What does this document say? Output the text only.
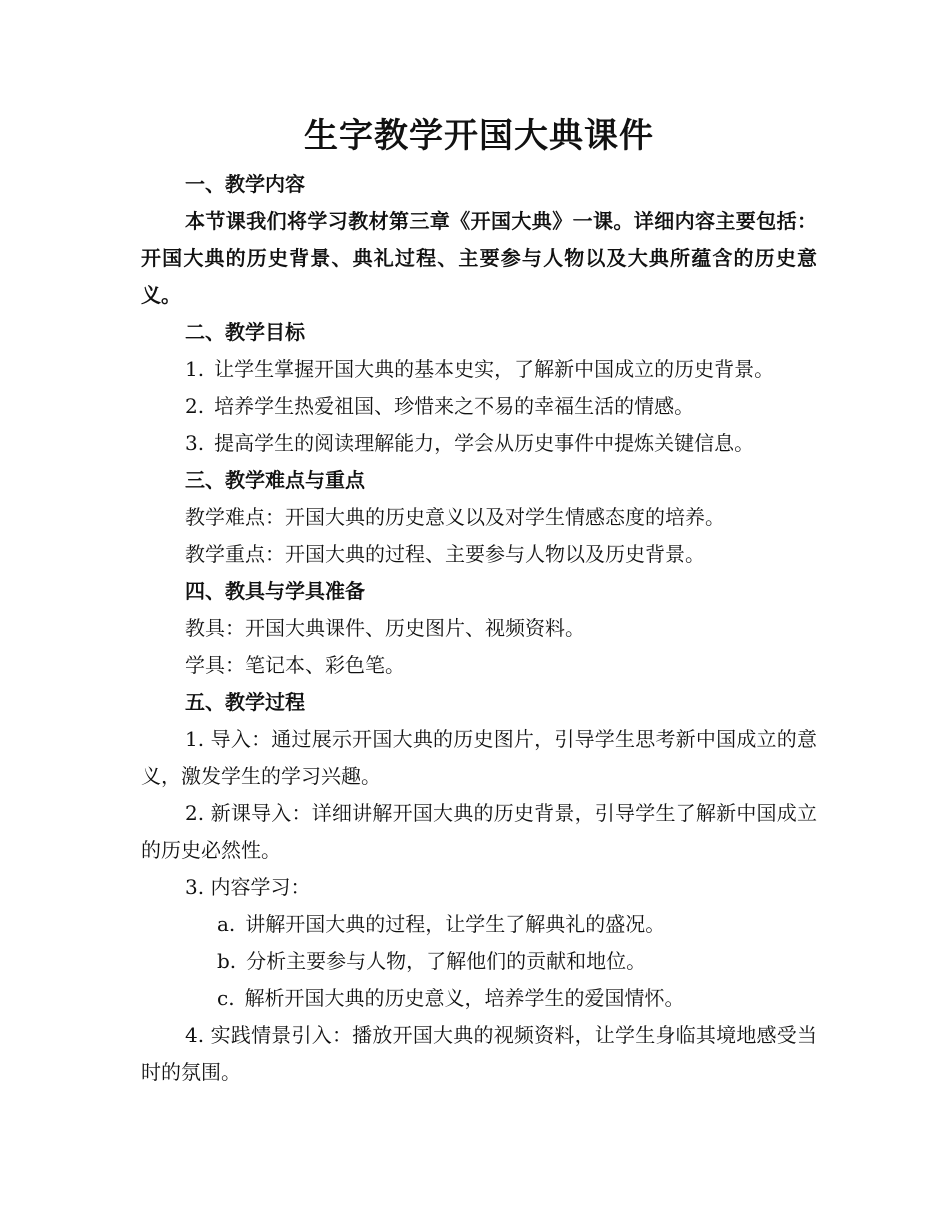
生字教学开国大典课件
一、教学内容
本节课我们将学习教材第三章《开国大典》一课。详细内容主要包括：开国大典的历史背景、典礼过程、主要参与人物以及大典所蕴含的历史意义。
二、教学目标
1. 让学生掌握开国大典的基本史实，了解新中国成立的历史背景。
2. 培养学生热爱祖国、珍惜来之不易的幸福生活的情感。
3. 提高学生的阅读理解能力，学会从历史事件中提炼关键信息。
三、教学难点与重点
教学难点：开国大典的历史意义以及对学生情感态度的培养。
教学重点：开国大典的过程、主要参与人物以及历史背景。
四、教具与学具准备
教具：开国大典课件、历史图片、视频资料。
学具：笔记本、彩色笔。
五、教学过程
1. 导入：通过展示开国大典的历史图片，引导学生思考新中国成立的意义，激发学生的学习兴趣。
2. 新课导入：详细讲解开国大典的历史背景，引导学生了解新中国成立的历史必然性。
3. 内容学习：
a. 讲解开国大典的过程，让学生了解典礼的盛况。
b. 分析主要参与人物，了解他们的贡献和地位。
c. 解析开国大典的历史意义，培养学生的爱国情怀。
4. 实践情景引入：播放开国大典的视频资料，让学生身临其境地感受当时的氛围。
